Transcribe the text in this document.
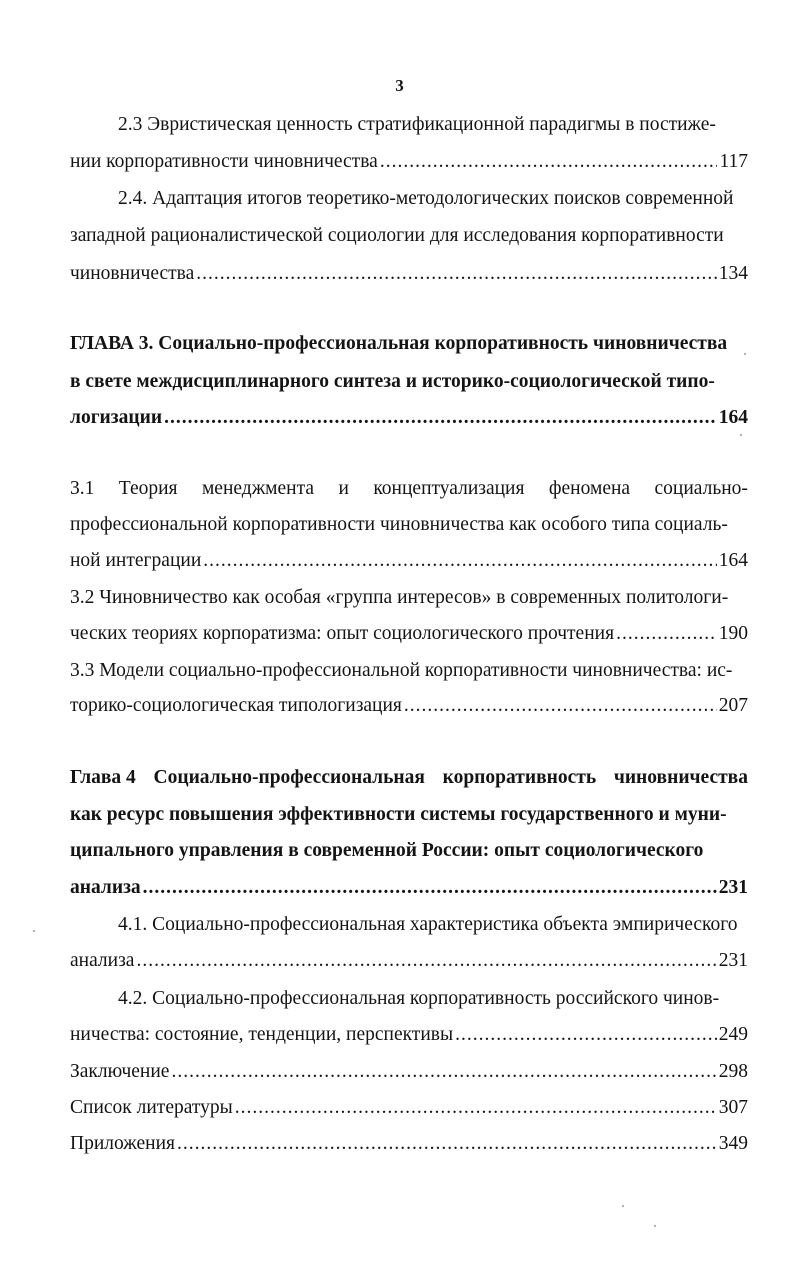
3
2.3 Эвристическая ценность стратификационной парадигмы в постиже-
нии корпоративности чиновничества .....	117
2.4. Адаптация итогов теоретико-методологических поисков современной
западной рационалистической социологии для исследования корпоративности
чиновничества .....	134
ГЛАВА 3. Социально-профессиональная корпоративность чиновничества
в свете междисциплинарного синтеза и историко-социологической типо-
логизации .....	164
3.1 Теория менеджмента и концептуализация феномена социально-
профессиональной корпоративности чиновничества как особого типа социаль-
ной интеграции .....	164
3.2 Чиновничество как особая «группа интересов» в современных политологи-
ческих теориях корпоратизма: опыт социологического прочтения .....	190
3.3 Модели социально-профессиональной корпоративности чиновничества: ис-
торико-социологическая типологизация .....	207
Глава 4 Социально-профессиональная корпоративность чиновничества
как ресурс повышения эффективности системы государственного и муни-
ципального управления в современной России: опыт социологического
анализа .....	231
4.1. Социально-профессиональная характеристика объекта эмпирического
анализа .....	231
4.2. Социально-профессиональная корпоративность российского чинов-
ничества: состояние, тенденции, перспективы .....	249
Заключение .....	298
Список литературы .....	307
Приложения .....	349
